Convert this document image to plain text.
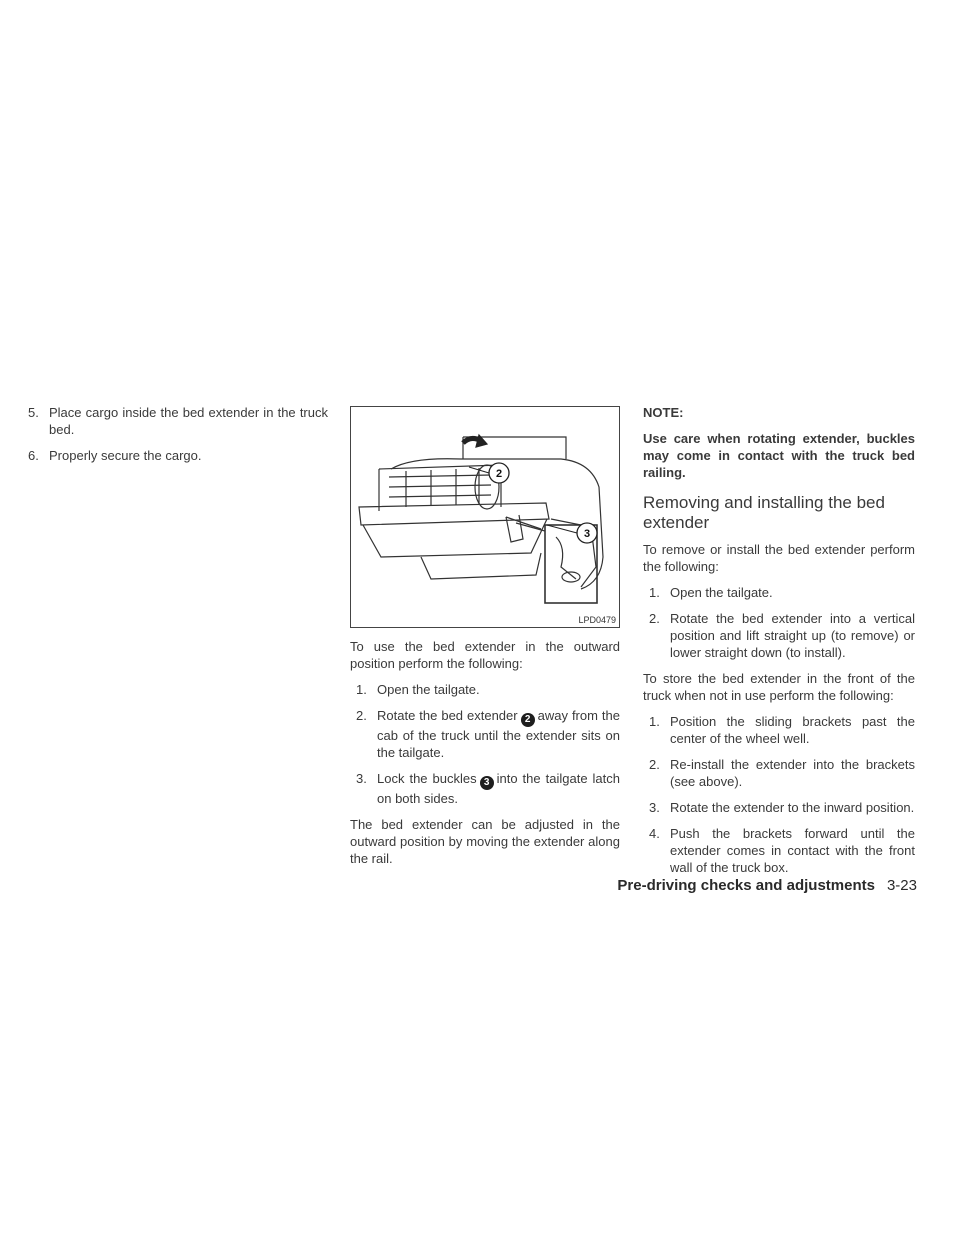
5. Place cargo inside the bed extender in the truck bed.
6. Properly secure the cargo.
2
3
LPD0479

To use the bed extender in the outward position perform the following:

1. Open the tailgate.
2. Rotate the bed extender 2 away from the cab of the truck until the extender sits on the tailgate.
3. Lock the buckles 3 into the tailgate latch on both sides.

The bed extender can be adjusted in the outward position by moving the extender along the rail.

NOTE:

Use care when rotating extender, buckles may come in contact with the truck bed railing.

Removing and installing the bed extender

To remove or install the bed extender perform the following:

1. Open the tailgate.
2. Rotate the bed extender into a vertical position and lift straight up (to remove) or lower straight down (to install).

To store the bed extender in the front of the truck when not in use perform the following:

1. Position the sliding brackets past the center of the wheel well.
2. Re-install the extender into the brackets (see above).
3. Rotate the extender to the inward position.
4. Push the brackets forward until the extender comes in contact with the front wall of the truck box.
Pre-driving checks and adjustments 3-23
